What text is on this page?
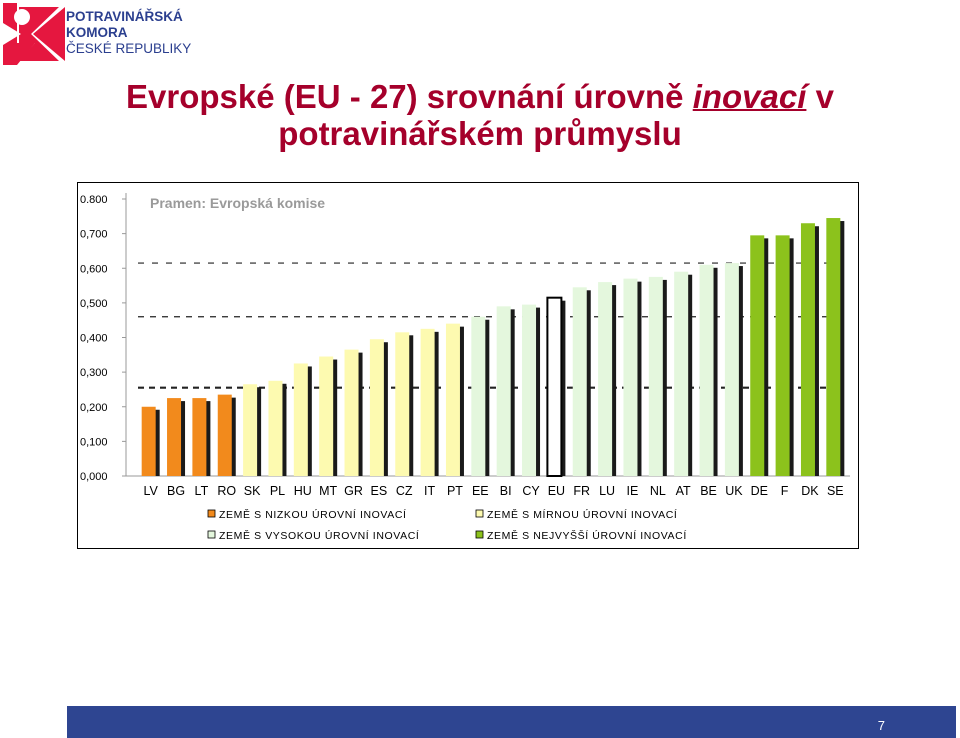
POTRAVINÁŘSKÁ
KOMORA
ČESKÉ REPUBLIKY
Evropské (EU - 27) srovnání úrovně inovací v
potravinářském průmyslu
0,000
0,100
0,200
0,300
0,400
0,500
0,600
0,700
0.800	Pramen: Evropská komise
LV BG LT RO SK PL HU MT GR ES CZ IT PT EE BI CY EU FR LU IE NL AT BE UK DE F DK SE
ZEMĚ S NIZKOU ÚROVNÍ INOVACÍ	ZEMĚ S MÍRNOU ÚROVNÍ INOVACÍ
ZEMĚ S VYSOKOU ÚROVNÍ INOVACÍ	ZEMĚ S NEJVYŠŠÍ ÚROVNÍ INOVACÍ
7
